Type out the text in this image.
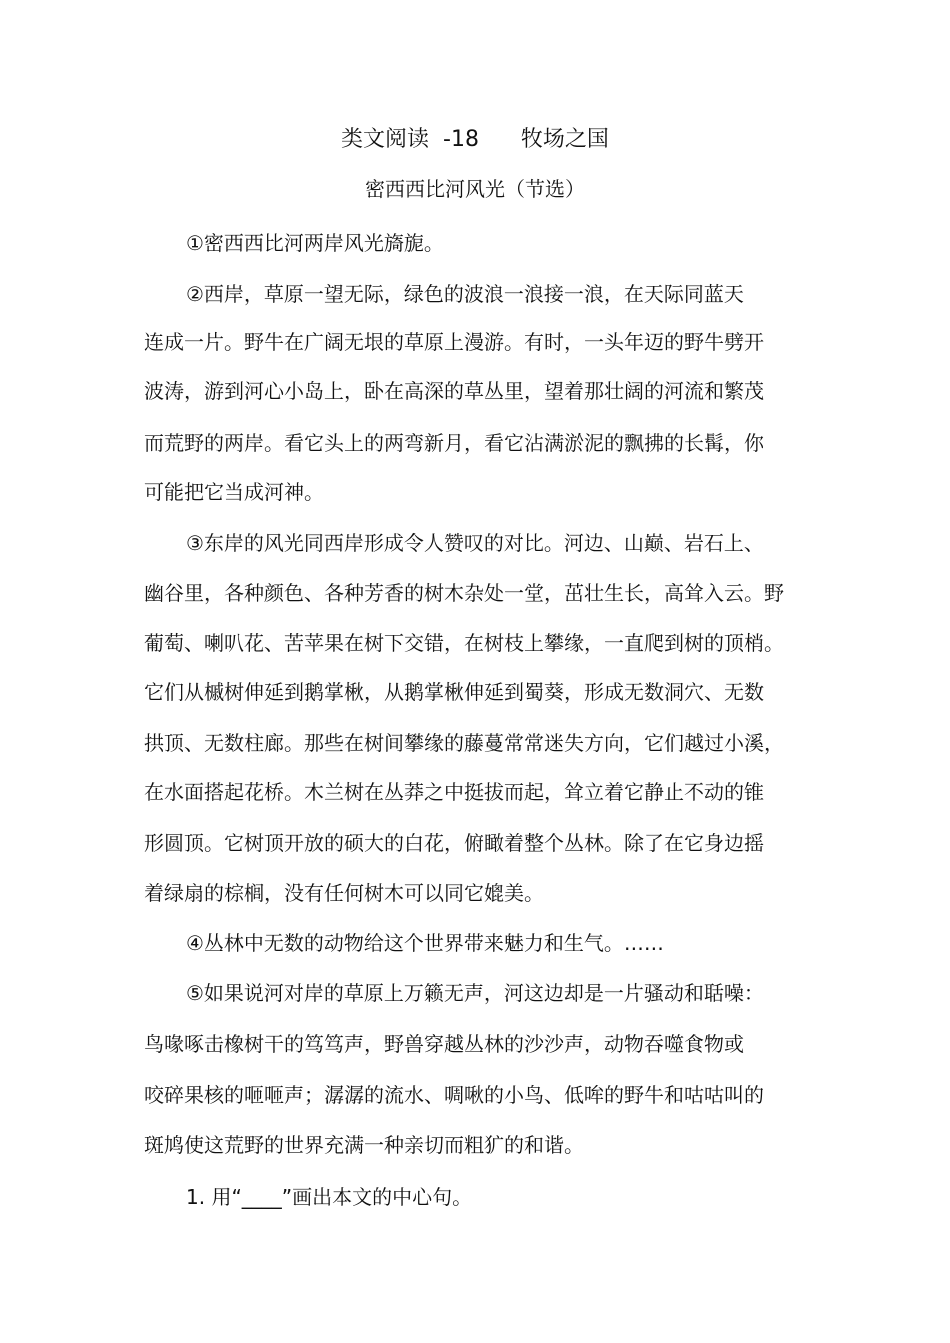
类文阅读  -18      牧场之国
密西西比河风光（节选）
①密西西比河两岸风光旖旎。
②西岸，草原一望无际，绿色的波浪一浪接一浪，在天际同蓝天
连成一片。野牛在广阔无垠的草原上漫游。有时，一头年迈的野牛劈开
波涛，游到河心小岛上，卧在高深的草丛里，望着那壮阔的河流和繁茂
而荒野的两岸。看它头上的两弯新月，看它沾满淤泥的飘拂的长髯，你
可能把它当成河神。
③东岸的风光同西岸形成令人赞叹的对比。河边、山巅、岩石上、
幽谷里，各种颜色、各种芳香的树木杂处一堂，茁壮生长，高耸入云。野
葡萄、喇叭花、苦苹果在树下交错，在树枝上攀缘，一直爬到树的顶梢。
它们从槭树伸延到鹅掌楸，从鹅掌楸伸延到蜀葵，形成无数洞穴、无数
拱顶、无数柱廊。那些在树间攀缘的藤蔓常常迷失方向，它们越过小溪，
在水面搭起花桥。木兰树在丛莽之中挺拔而起，耸立着它静止不动的锥
形圆顶。它树顶开放的硕大的白花，俯瞰着整个丛林。除了在它身边摇
着绿扇的棕榈，没有任何树木可以同它媲美。
④丛林中无数的动物给这个世界带来魅力和生气。……
⑤如果说河对岸的草原上万籁无声，河这边却是一片骚动和聒噪：
鸟喙啄击橡树干的笃笃声，野兽穿越丛林的沙沙声，动物吞噬食物或
咬碎果核的咂咂声；潺潺的流水、啁啾的小鸟、低哞的野牛和咕咕叫的
斑鸠使这荒野的世界充满一种亲切而粗犷的和谐。
1. 用“____”画出本文的中心句。
